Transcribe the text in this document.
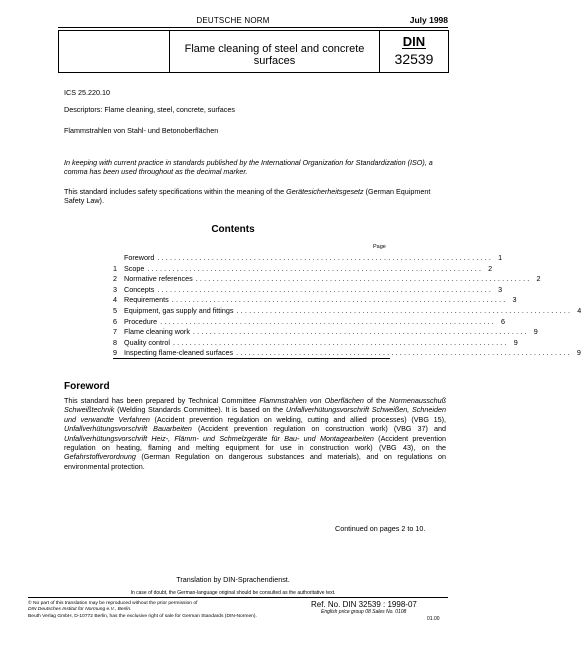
DEUTSCHE NORM	July 1998
Flame cleaning of steel and concrete surfaces
DIN
32539
ICS 25.220.10
Descriptors: Flame cleaning, steel, concrete, surfaces
Flammstrahlen von Stahl- und Betonoberflächen
In keeping with current practice in standards published by the International Organization for Standardization (ISO), a comma has been used throughout as the decimal marker.
This standard includes safety specifications within the meaning of the Gerätesicherheitsgesetz (German Equipment Safety Law).
Contents
Page
Foreword ................................................................................ 1
1 Scope ................................................................................ 2
2 Normative references ................................................................................ 2
3 Concepts ................................................................................ 3
4 Requirements ................................................................................ 3
5 Equipment, gas supply and fittings ................................................................................ 4
6 Procedure ................................................................................ 6
7 Flame cleaning work ................................................................................ 9
8 Quality control ................................................................................ 9
9 Inspecting flame-cleaned surfaces ................................................................................ 9
Foreword
This standard has been prepared by Technical Committee Flammstrahlen von Oberflächen of the Normenausschuß Schweißtechnik (Welding Standards Committee). It is based on the Unfallverhütungsvorschrift Schweißen, Schneiden und verwandte Verfahren (Accident prevention regulation on welding, cutting and allied processes) (VBG 15), Unfallverhütungsvorschrift Bauarbeiten (Accident prevention regulation on construction work) (VBG 37) and Unfallverhütungsvorschrift Heiz-, Flämm- und Schmelzgeräte für Bau- und Montagearbeiten (Accident prevention regulation on heating, flaming and melting equipment for use in construction work) (VBG 43), on the Gefahrstoffverordnung (German Regulation on dangerous substances and materials), and on regulations on environmental protection.
Continued on pages 2 to 10.
Translation by DIN-Sprachendienst.
In case of doubt, the German-language original should be consulted as the authoritative text.
© No part of this translation may be reproduced without the prior permission of
DIN Deutsches Institut für Normung e.V., Berlin.
Beuth Verlag GmbH, D-10772 Berlin, has the exclusive right of sale for German Standards (DIN-Normen).
Ref. No. DIN 32539 : 1998-07
English price group 08 Sales No. 0108
01.00
